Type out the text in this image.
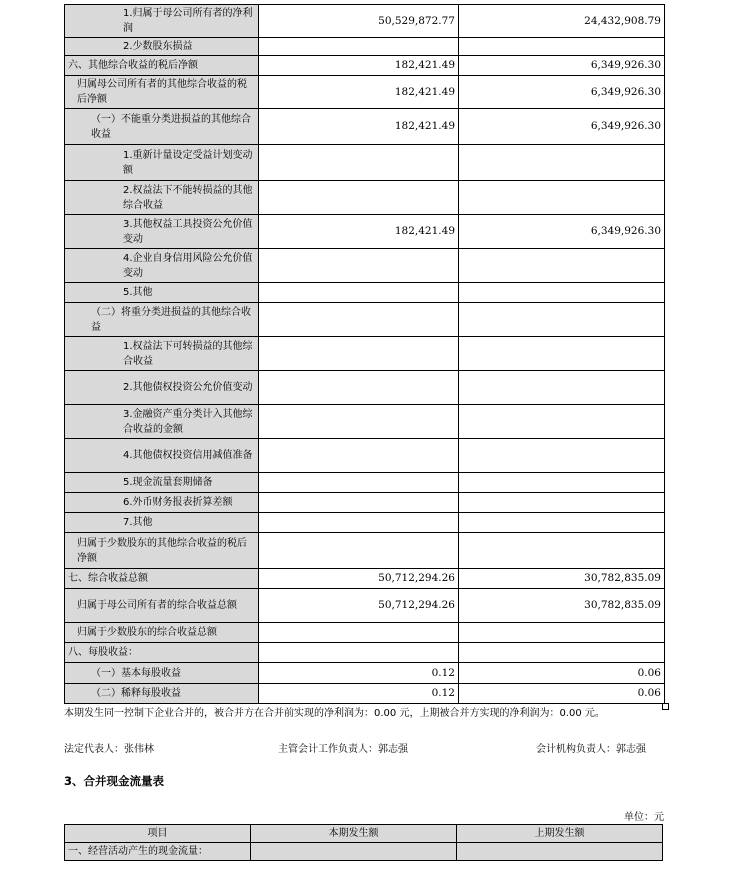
1.归属于母公司所有者的净利润	50,529,872.77	24,432,908.79
2.少数股东损益		
六、其他综合收益的税后净额	182,421.49	6,349,926.30
归属母公司所有者的其他综合收益的税后净额	182,421.49	6,349,926.30
（一）不能重分类进损益的其他综合收益	182,421.49	6,349,926.30
1.重新计量设定受益计划变动额		
2.权益法下不能转损益的其他综合收益		
3.其他权益工具投资公允价值变动	182,421.49	6,349,926.30
4.企业自身信用风险公允价值变动		
5.其他		
（二）将重分类进损益的其他综合收益		
1.权益法下可转损益的其他综合收益		
2.其他债权投资公允价值变动		
3.金融资产重分类计入其他综合收益的金额		
4.其他债权投资信用减值准备		
5.现金流量套期储备		
6.外币财务报表折算差额		
7.其他		
归属于少数股东的其他综合收益的税后净额		
七、综合收益总额	50,712,294.26	30,782,835.09
归属于母公司所有者的综合收益总额	50,712,294.26	30,782,835.09
归属于少数股东的综合收益总额		
八、每股收益：		
（一）基本每股收益	0.12	0.06
（二）稀释每股收益	0.12	0.06
本期发生同一控制下企业合并的，被合并方在合并前实现的净利润为：0.00 元，上期被合并方实现的净利润为：0.00 元。
法定代表人：张伟林	主管会计工作负责人：郭志强	会计机构负责人：郭志强
3、合并现金流量表
单位：元
项目	本期发生额	上期发生额
一、经营活动产生的现金流量：		
